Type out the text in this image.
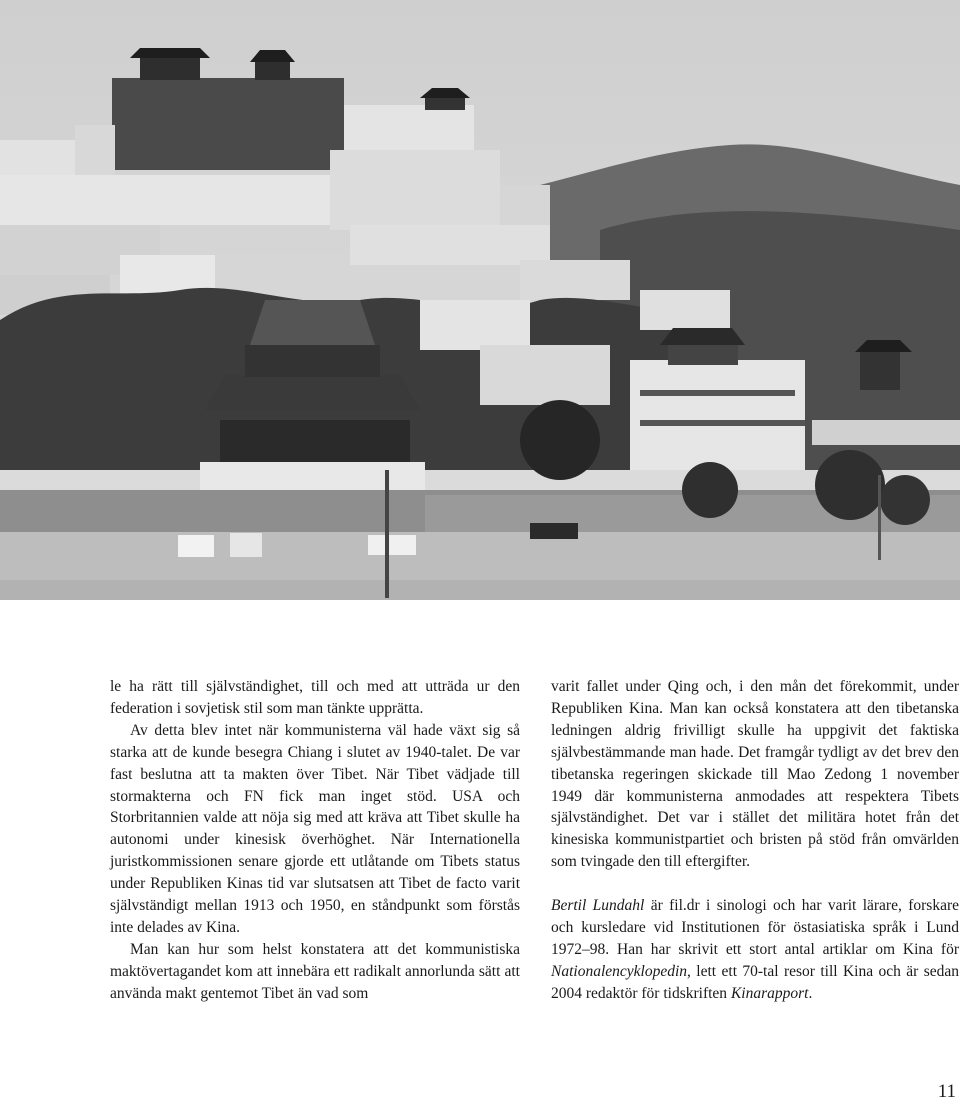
le ha rätt till självständighet, till och med att utträda ur den federation i sovjetisk stil som man tänkte upprätta.

Av detta blev intet när kommunisterna väl hade växt sig så starka att de kunde besegra Chiang i slutet av 1940-talet. De var fast beslutna att ta makten över Tibet. När Tibet vädjade till stormakterna och FN fick man inget stöd. USA och Storbritannien valde att nöja sig med att kräva att Tibet skulle ha autonomi under kinesisk överhöghet. När Internationella juristkommissionen senare gjorde ett utlåtande om Tibets status under Republiken Kinas tid var slutsatsen att Tibet de facto varit självständigt mellan 1913 och 1950, en ståndpunkt som förstås inte delades av Kina.

Man kan hur som helst konstatera att det kommunistiska maktövertagandet kom att innebära ett radikalt annorlunda sätt att använda makt gentemot Tibet än vad som

varit fallet under Qing och, i den mån det förekommit, under Republiken Kina. Man kan också konstatera att den tibetanska ledningen aldrig frivilligt skulle ha uppgivit det faktiska självbestämmande man hade. Det framgår tydligt av det brev den tibetanska regeringen skickade till Mao Zedong 1 november 1949 där kommunisterna anmodades att respektera Tibets självständighet. Det var i stället det militära hotet från det kinesiska kommunistpartiet och bristen på stöd från omvärlden som tvingade den till eftergifter.

Bertil Lundahl är fil.dr i sinologi och har varit lärare, forskare och kursledare vid Institutionen för östasiatiska språk i Lund 1972–98. Han har skrivit ett stort antal artiklar om Kina för Nationalencyklopedin, lett ett 70-tal resor till Kina och är sedan 2004 redaktör för tidskriften Kinarapport.

11
